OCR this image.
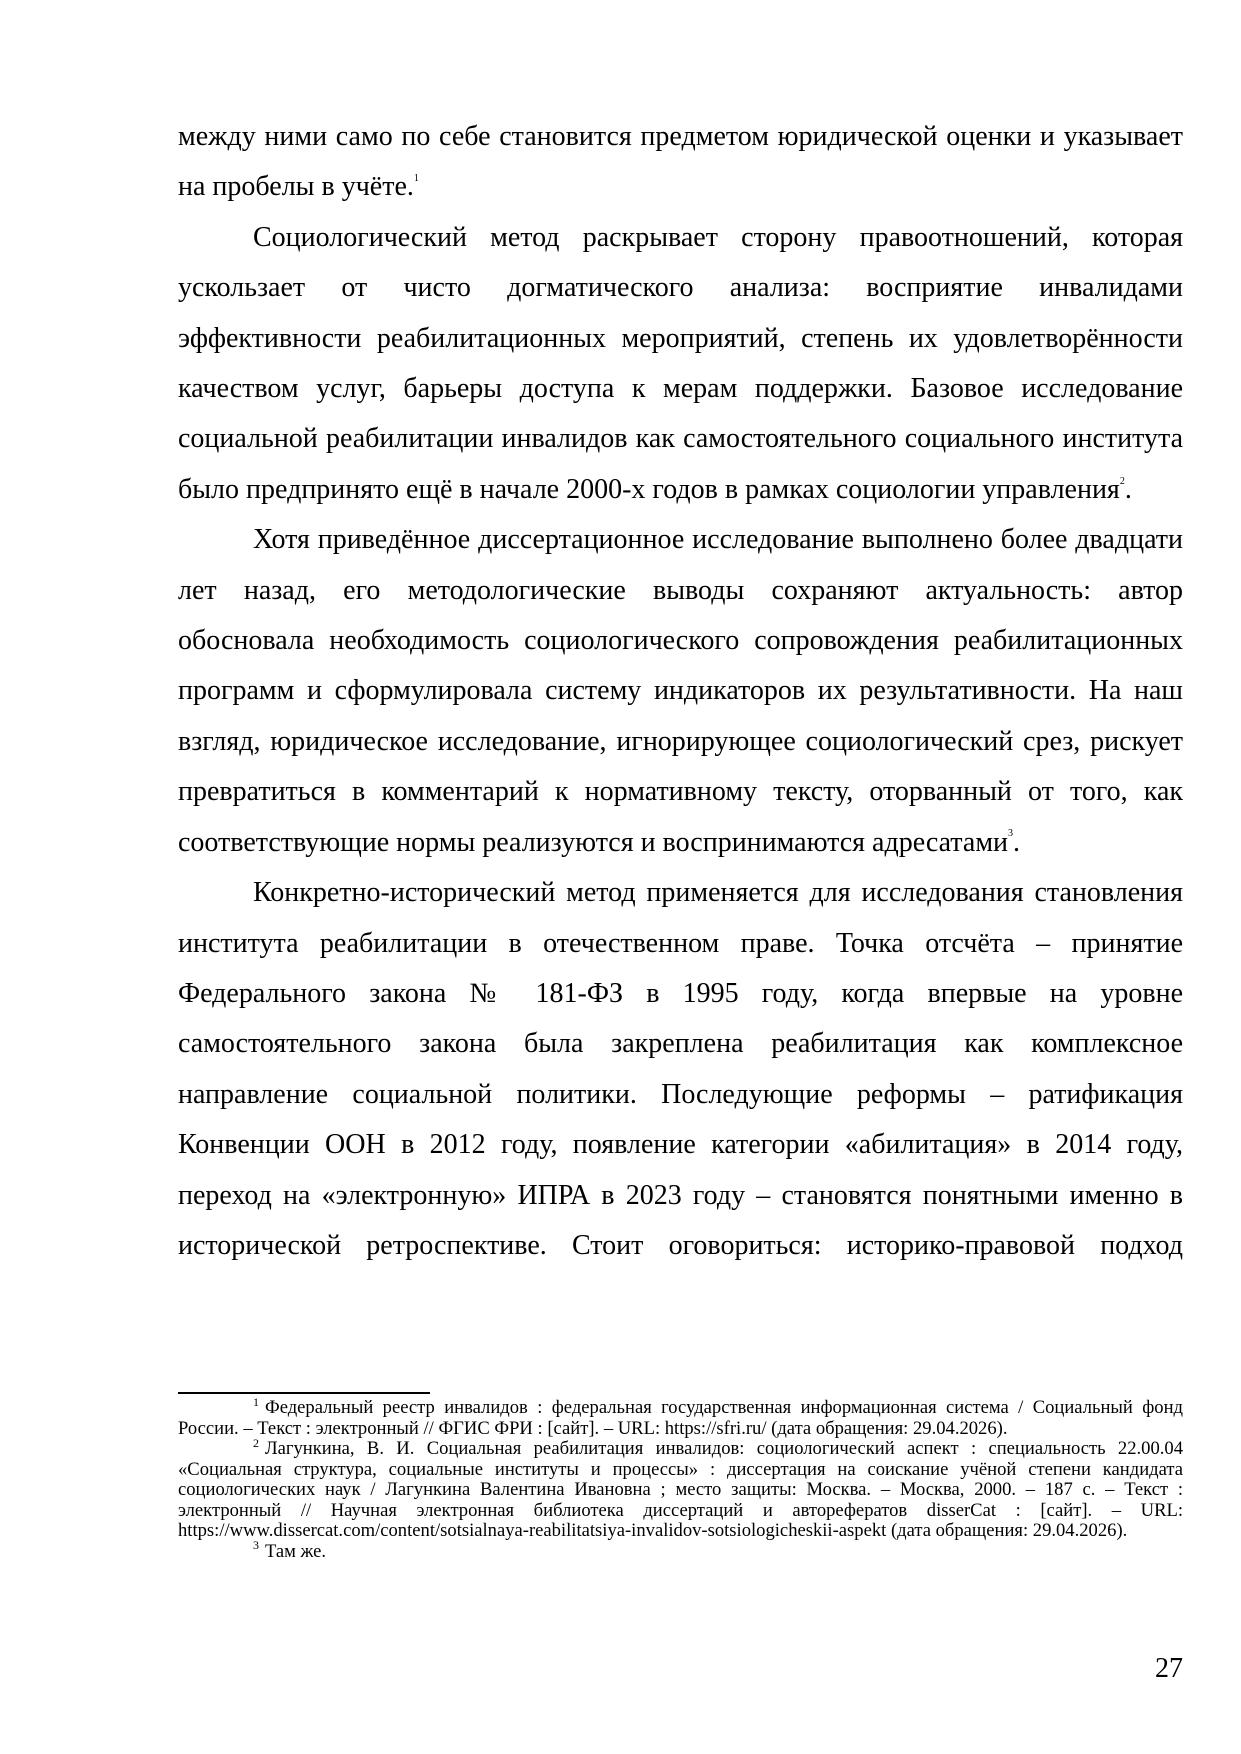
между ними само по себе становится предметом юридической оценки и указывает на пробелы в учёте.$^1$

Социологический метод раскрывает сторону правоотношений, которая ускользает от чисто догматического анализа: восприятие инвалидами эффективности реабилитационных мероприятий, степень их удовлетворённости качеством услуг, барьеры доступа к мерам поддержки. Базовое исследование социальной реабилитации инвалидов как самостоятельного социального института было предпринято ещё в начале 2000-х годов в рамках социологии управления$^2$.

Хотя приведённое диссертационное исследование выполнено более двадцати лет назад, его методологические выводы сохраняют актуальность: автор обосновала необходимость социологического сопровождения реабилитационных программ и сформулировала систему индикаторов их результативности. На наш взгляд, юридическое исследование, игнорирующее социологический срез, рискует превратиться в комментарий к нормативному тексту, оторванный от того, как соответствующие нормы реализуются и воспринимаются адресатами$^3$.

Конкретно-исторический метод применяется для исследования становления института реабилитации в отечественном праве. Точка отсчёта – принятие Федерального закона № 181-ФЗ в 1995 году, когда впервые на уровне самостоятельного закона была закреплена реабилитация как комплексное направление социальной политики. Последующие реформы – ратификация Конвенции ООН в 2012 году, появление категории «абилитация» в 2014 году, переход на «электронную» ИПРА в 2023 году – становятся понятными именно в исторической ретроспективе. Стоит оговориться: историко-правовой подход

$^1$ Федеральный реестр инвалидов : федеральная государственная информационная система / Социальный фонд России. – Текст : электронный // ФГИС ФРИ : [сайт]. – URL: https://sfri.ru/ (дата обращения: 29.04.2026).

$^2$ Лагункина, В. И. Социальная реабилитация инвалидов: социологический аспект : специальность 22.00.04 «Социальная структура, социальные институты и процессы» : диссертация на соискание учёной степени кандидата социологических наук / Лагункина Валентина Ивановна ; место защиты: Москва. – Москва, 2000. – 187 с. – Текст : электронный // Научная электронная библиотека диссертаций и авторефератов disserCat : [сайт]. – URL: https://www.dissercat.com/content/sotsialnaya-reabilitatsiya-invalidov-sotsiologicheskii-aspekt (дата обращения: 29.04.2026).

$^3$ Там же.

27
